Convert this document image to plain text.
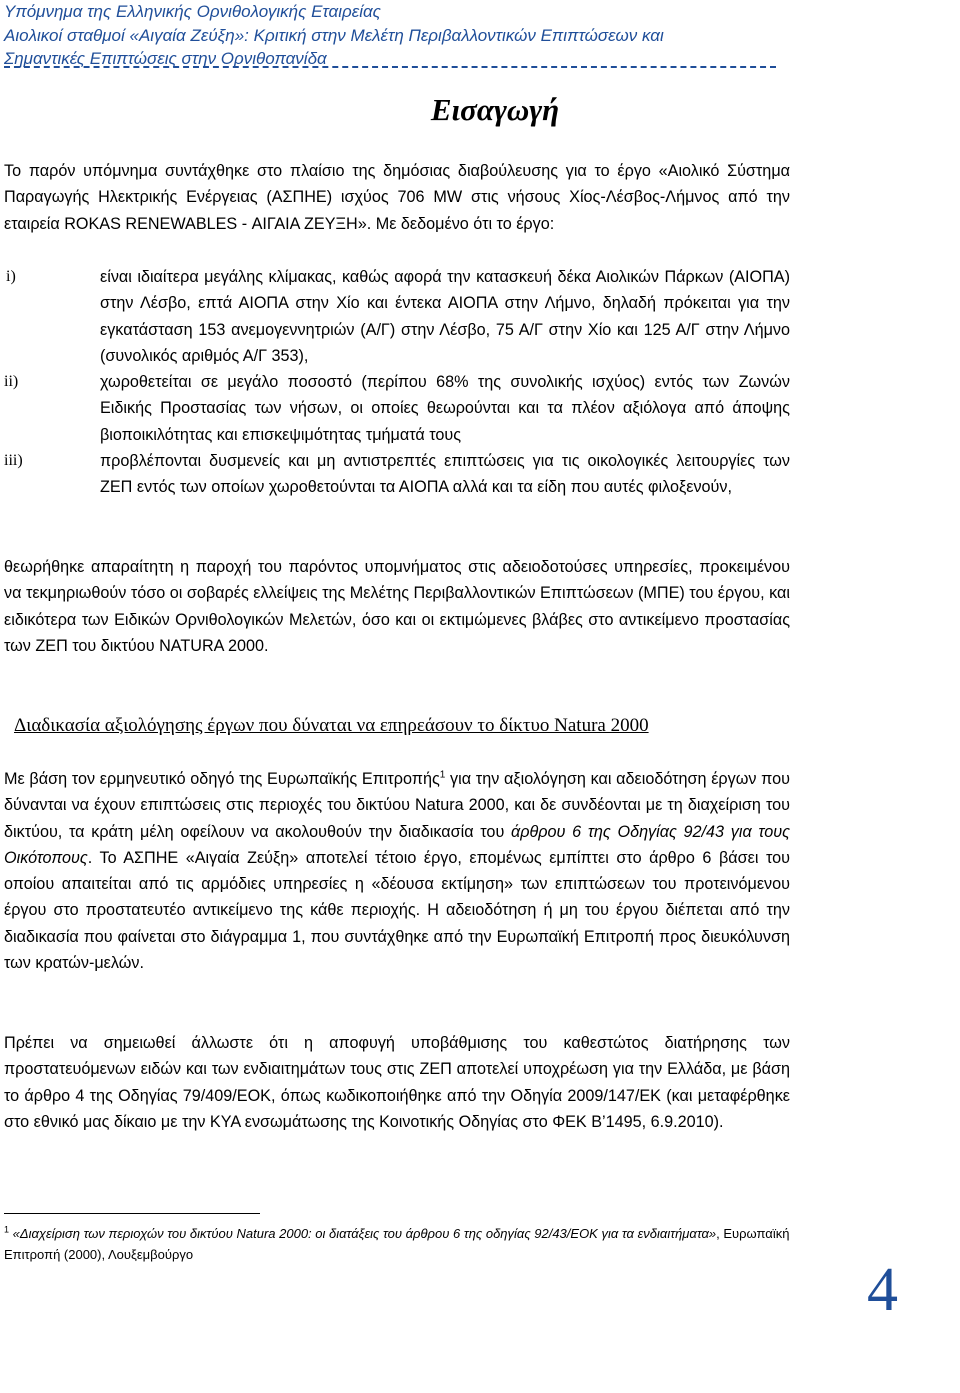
Υπόμνημα της Ελληνικής Ορνιθολογικής Εταιρείας
Αιολικοί σταθμοί «Αιγαία Ζεύξη»: Κριτική στην Μελέτη Περιβαλλοντικών Επιπτώσεων και
Σημαντικές Επιπτώσεις στην Ορνιθοπανίδα
Εισαγωγή
Το παρόν υπόμνημα συντάχθηκε στο πλαίσιο της δημόσιας διαβούλευσης για το έργο «Αιολικό Σύστημα Παραγωγής Ηλεκτρικής Ενέργειας (ΑΣΠΗΕ) ισχύος 706 MW στις νήσους Χίος-Λέσβος-Λήμνος από την εταιρεία ROKAS RENEWABLES - ΑΙΓΑΙΑ ΖΕΥΞΗ». Με δεδομένο ότι το έργο:
i)	είναι ιδιαίτερα μεγάλης κλίμακας, καθώς αφορά την κατασκευή δέκα Αιολικών Πάρκων (ΑΙΟΠΑ) στην Λέσβο, επτά ΑΙΟΠΑ στην Χίο και έντεκα ΑΙΟΠΑ στην Λήμνο, δηλαδή πρόκειται για την εγκατάσταση 153 ανεμογεννητριών (Α/Γ) στην Λέσβο, 75 Α/Γ στην Χίο και 125 Α/Γ στην Λήμνο (συνολικός αριθμός Α/Γ 353),
ii)	χωροθετείται σε μεγάλο ποσοστό (περίπου 68% της συνολικής ισχύος) εντός των Ζωνών Ειδικής Προστασίας των νήσων, οι οποίες θεωρούνται και τα πλέον αξιόλογα από άποψης βιοποικιλότητας και επισκεψιμότητας τμήματά τους
iii)	προβλέπονται δυσμενείς και μη αντιστρεπτές επιπτώσεις για τις οικολογικές λειτουργίες των ΖΕΠ εντός των οποίων χωροθετούνται τα ΑΙΟΠΑ αλλά και τα είδη που αυτές φιλοξενούν,
θεωρήθηκε απαραίτητη η παροχή του παρόντος υπομνήματος στις αδειοδοτούσες υπηρεσίες, προκειμένου να τεκμηριωθούν τόσο οι σοβαρές ελλείψεις της Μελέτης Περιβαλλοντικών Επιπτώσεων (ΜΠΕ) του έργου, και ειδικότερα των Ειδικών Ορνιθολογικών Μελετών, όσο και οι εκτιμώμενες βλάβες στο αντικείμενο προστασίας των ΖΕΠ του δικτύου NATURA 2000.
Διαδικασία αξιολόγησης έργων που δύναται να επηρεάσουν το δίκτυο Natura 2000
Με βάση τον ερμηνευτικό οδηγό της Ευρωπαϊκής Επιτροπής$^1$ για την αξιολόγηση και αδειοδότηση έργων που δύνανται να έχουν επιπτώσεις στις περιοχές του δικτύου Natura 2000, και δε συνδέονται με τη διαχείριση του δικτύου, τα κράτη μέλη οφείλουν να ακολουθούν την διαδικασία του άρθρου 6 της Οδηγίας 92/43 για τους Οικότοπους. Το ΑΣΠΗΕ «Αιγαία Ζεύξη» αποτελεί τέτοιο έργο, επομένως εμπίπτει στο άρθρο 6 βάσει του οποίου απαιτείται από τις αρμόδιες υπηρεσίες η «δέουσα εκτίμηση» των επιπτώσεων του προτεινόμενου έργου στο προστατευτέο αντικείμενο της κάθε περιοχής. Η αδειοδότηση ή μη του έργου διέπεται από την διαδικασία που φαίνεται στο διάγραμμα 1, που συντάχθηκε από την Ευρωπαϊκή Επιτροπή προς διευκόλυνση των κρατών-μελών.
Πρέπει να σημειωθεί άλλωστε ότι η αποφυγή υποβάθμισης του καθεστώτος διατήρησης των προστατευόμενων ειδών και των ενδιαιτημάτων τους στις ΖΕΠ αποτελεί υποχρέωση για την Ελλάδα, με βάση το άρθρο 4 της Οδηγίας 79/409/ΕΟΚ, όπως κωδικοποιήθηκε από την Οδηγία 2009/147/ΕΚ (και μεταφέρθηκε στο εθνικό μας δίκαιο με την ΚΥΑ ενσωμάτωσης της Κοινοτικής Οδηγίας στο ΦΕΚ Β’1495, 6.9.2010).
$^1$ «Διαχείριση των περιοχών του δικτύου Natura 2000: οι διατάξεις του άρθρου 6 της οδηγίας 92/43/ΕΟΚ για τα ενδιαιτήματα», Ευρωπαϊκή Επιτροπή (2000), Λουξεμβούργο
4
